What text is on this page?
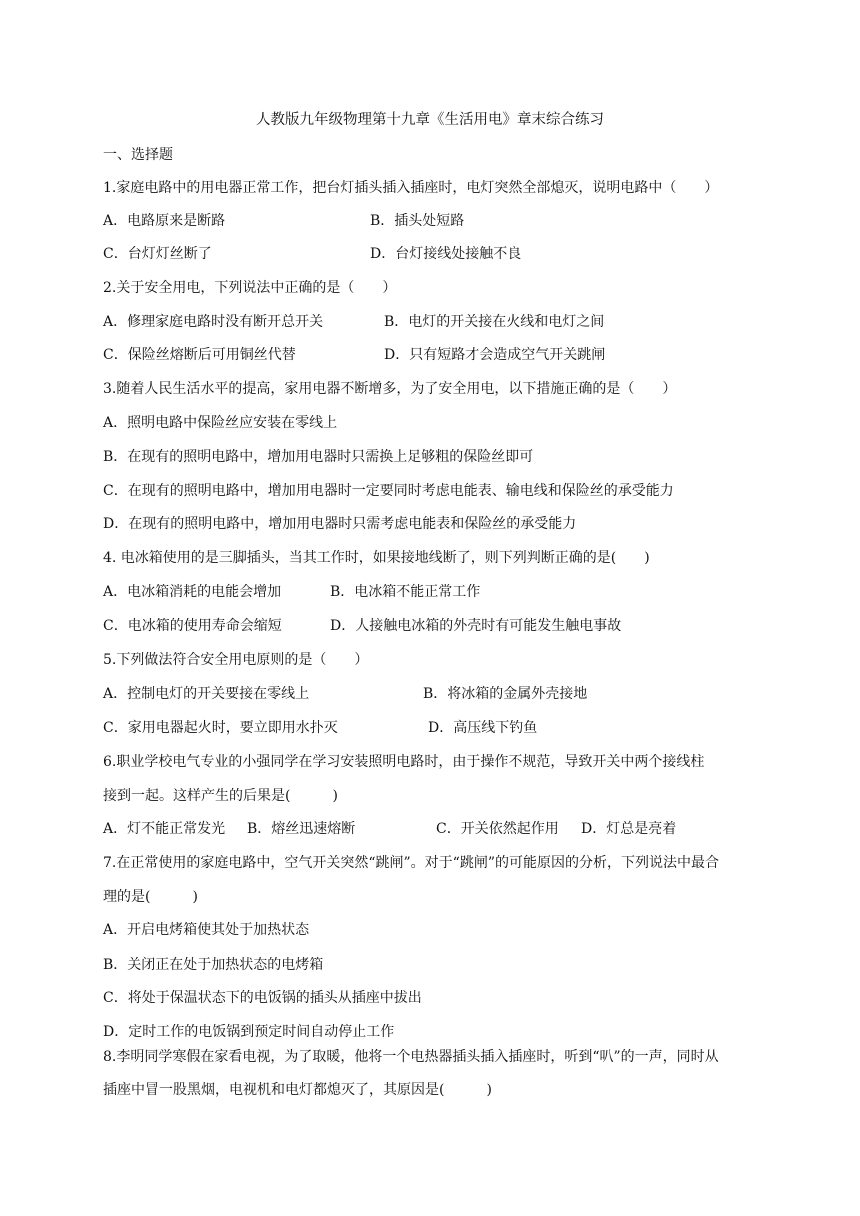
人教版九年级物理第十九章《生活用电》章末综合练习
一、选择题
1.家庭电路中的用电器正常工作，把台灯插头插入插座时，电灯突然全部熄灭，说明电路中（　　）
A．电路原来是断路	B．插头处短路
C．台灯灯丝断了	D．台灯接线处接触不良
2.关于安全用电，下列说法中正确的是（　　）
A．修理家庭电路时没有断开总开关	B．电灯的开关接在火线和电灯之间
C．保险丝熔断后可用铜丝代替	D．只有短路才会造成空气开关跳闸
3.随着人民生活水平的提高，家用电器不断增多，为了安全用电，以下措施正确的是（　　）
A．照明电路中保险丝应安装在零线上
B．在现有的照明电路中，增加用电器时只需换上足够粗的保险丝即可
C．在现有的照明电路中，增加用电器时一定要同时考虑电能表、输电线和保险丝的承受能力
D．在现有的照明电路中，增加用电器时只需考虑电能表和保险丝的承受能力
4. 电冰箱使用的是三脚插头，当其工作时，如果接地线断了，则下列判断正确的是(　　)
A．电冰箱消耗的电能会增加	B．电冰箱不能正常工作
C．电冰箱的使用寿命会缩短	D．人接触电冰箱的外壳时有可能发生触电事故
5.下列做法符合安全用电原则的是（　　）
A．控制电灯的开关要接在零线上	B．将冰箱的金属外壳接地
C．家用电器起火时，要立即用水扑灭	D．高压线下钓鱼
6.职业学校电气专业的小强同学在学习安装照明电路时，由于操作不规范，导致开关中两个接线柱
接到一起。这样产生的后果是(　　　)
A．灯不能正常发光 B．熔丝迅速熔断	C．开关依然起作用 D．灯总是亮着
7.在正常使用的家庭电路中，空气开关突然“跳闸”。对于“跳闸”的可能原因的分析，下列说法中最合
理的是(　　　)
A．开启电烤箱使其处于加热状态
B．关闭正在处于加热状态的电烤箱
C．将处于保温状态下的电饭锅的插头从插座中拔出
D．定时工作的电饭锅到预定时间自动停止工作
8.李明同学寒假在家看电视，为了取暖，他将一个电热器插头插入插座时，听到“叭”的一声，同时从
插座中冒一股黑烟，电视机和电灯都熄灭了，其原因是(　　　)
